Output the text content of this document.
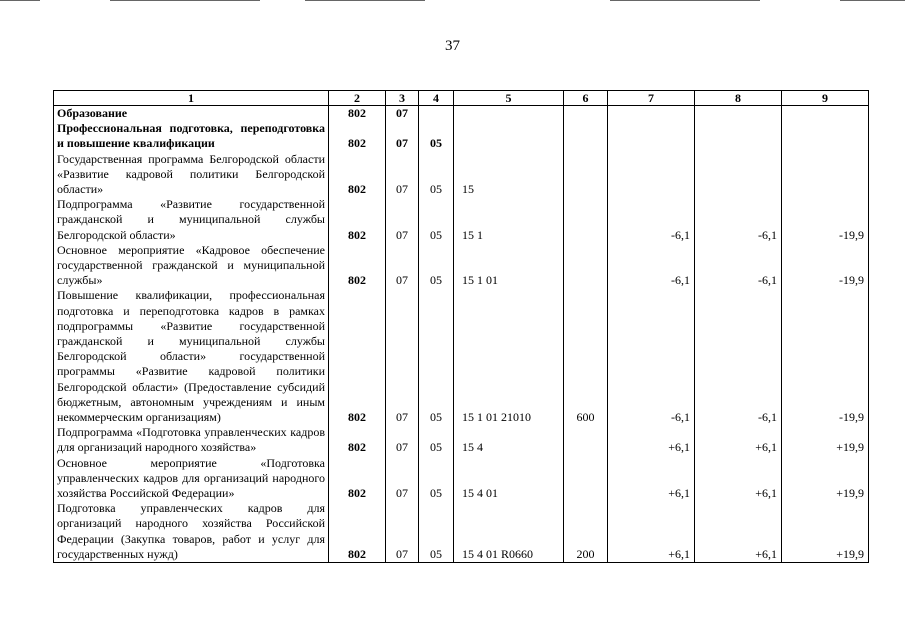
37
1	2	3	4	5	6	7	8	9
Образование	802	07						
Профессиональная подготовка, переподготовка и повышение квалификации	802	07	05					
Государственная программа Белгородской области «Развитие кадровой политики Белгородской области»	802	07	05	15				
Подпрограмма «Развитие государственной гражданской и муниципальной службы Белгородской области»	802	07	05	15 1		-6,1	-6,1	-19,9
Основное мероприятие «Кадровое обеспечение государственной гражданской и муниципальной службы»	802	07	05	15 1 01		-6,1	-6,1	-19,9
Повышение квалификации, профессиональная подготовка и переподготовка кадров в рамках подпрограммы «Развитие государственной гражданской и муниципальной службы Белгородской области» государственной программы «Развитие кадровой политики Белгородской области» (Предоставление субсидий бюджетным, автономным учреждениям и иным некоммерческим организациям)	802	07	05	15 1 01 21010	600	-6,1	-6,1	-19,9
Подпрограмма «Подготовка управленческих кадров для организаций народного хозяйства»	802	07	05	15 4		+6,1	+6,1	+19,9
Основное мероприятие «Подготовка управленческих кадров для организаций народного хозяйства Российской Федерации»	802	07	05	15 4 01		+6,1	+6,1	+19,9
Подготовка управленческих кадров для организаций народного хозяйства Российской Федерации (Закупка товаров, работ и услуг для государственных нужд)	802	07	05	15 4 01 R0660	200	+6,1	+6,1	+19,9
